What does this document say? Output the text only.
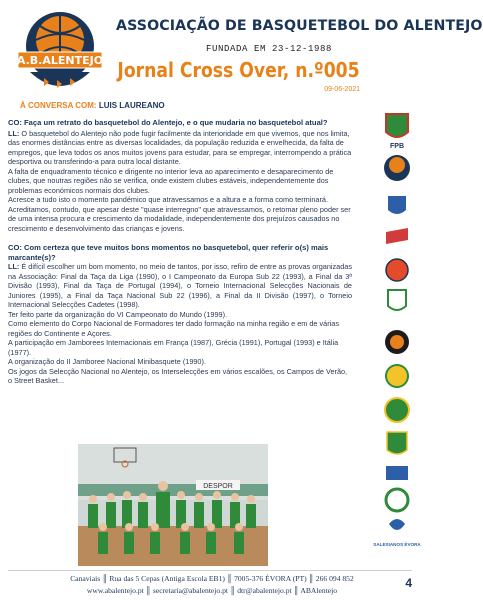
A.B.ALENTEJO
ASSOCIAÇÃO DE BASQUETEBOL DO ALENTEJO
FUNDADA EM 23-12-1988
Jornal Cross Over, n.º005
09-06-2021
À CONVERSA COM: LUIS LAUREANO

CO: Faça um retrato do basquetebol do Alentejo, e o que mudaria no basquetebol atual?

LL: O basquetebol do Alentejo não pode fugir facilmente da interioridade em que vivemos, que nos limita, das enormes distâncias entre as diversas localidades, da população reduzida e envelhecida, da falta de empregos, que leva todos os anos muitos jovens para estudar, para se empregar, interrompendo a prática desportiva ou transferindo-a para outra local distante.

A falta de enquadramento técnico e dirigente no interior leva ao aparecimento e desaparecimento de clubes, que noutras regiões não se verifica, onde existem clubes estáveis, independentemente dos problemas económicos normais dos clubes.

Acresce a tudo isto o momento pandémico que atravessamos e a altura e a forma como terminará.

Acreditamos, contudo, que apesar deste "quase interregno" que atravessamos, o retomar pleno poder ser de uma intensa procura e crescimento da modalidade, independentemente dos prejuízos causados no crescimento e desenvolvimento das crianças e jovens.

CO: Com certeza que teve muitos bons momentos no basquetebol, quer referir o(s) mais marcante(s)?

LL: É difícil escolher um bom momento, no meio de tantos, por isso, refiro de entre as provas organizadas na Associação: Final da Taça da Liga (1990), o I Campeonato da Europa Sub 22 (1993), a Final da 3ª Divisão (1993), Final da Taça de Portugal (1994), o Torneio Internacional Selecções Nacionais de Juniores (1995), a Final da Taça Nacional Sub 22 (1996), a Final da II Divisão (1997), o Torneio Internacional Selecções Cadetes (1998).

Ter feito parte da organização do VI Campeonato do Mundo (1999).

Como elemento do Corpo Nacional de Formadores ter dado formação na minha região e em de várias regiões do Continente e Açores.

A participação em Jamborees Internacionais em França (1987), Grécia (1991), Portugal (1993) e Itália (1977).

A organização do II Jamboree Nacional Minibasquete (1990).

Os jogos da Selecção Nacional no Alentejo, os Interselecções em vários escalões, os Campos de Verão, o Street Basket...

DESPOR
FPB
SALESIANOS ÉVORA
Canaviais ║ Rua das 5 Cepas (Antiga Escola EB1) ║ 7005-376 ÉVORA (PT) ║ 266 094 852
www.abalentejo.pt ║ secretaria@abalentejo.pt ║ dtr@abalentejo.pt ║ ABAlentejo
4
